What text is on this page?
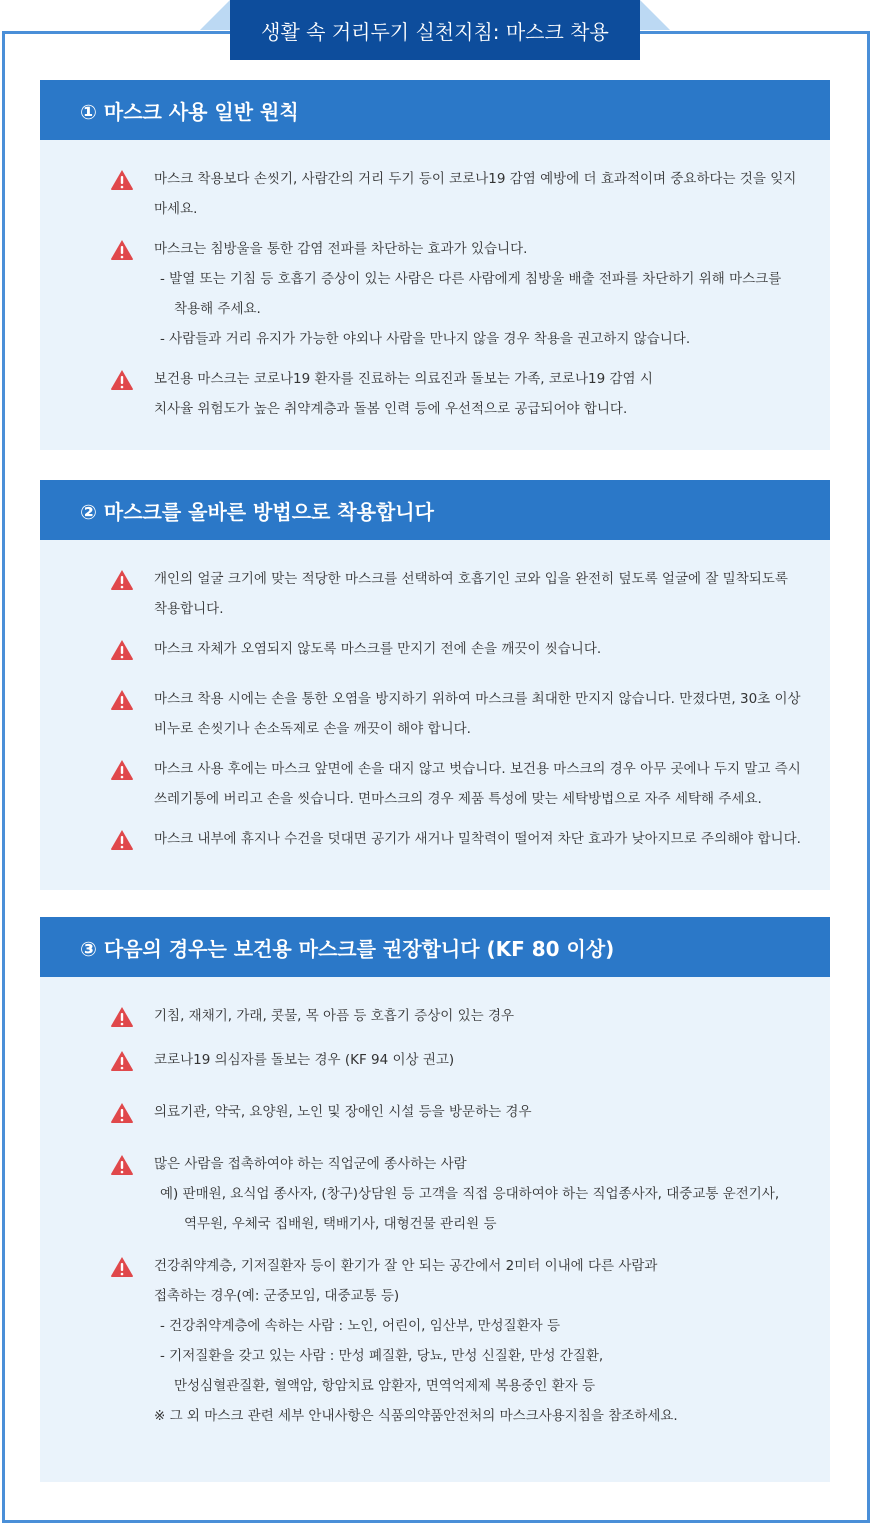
생활 속 거리두기 실천지침: 마스크 착용
① 마스크 사용 일반 원칙
마스크 착용보다 손씻기, 사람간의 거리 두기 등이 코로나19 감염 예방에 더 효과적이며 중요하다는 것을 잊지
마세요.
마스크는 침방울을 통한 감염 전파를 차단하는 효과가 있습니다.
- 발열 또는 기침 등 호흡기 증상이 있는 사람은 다른 사람에게 침방울 배출 전파를 차단하기 위해 마스크를
착용해 주세요.
- 사람들과 거리 유지가 가능한 야외나 사람을 만나지 않을 경우 착용을 권고하지 않습니다.
보건용 마스크는 코로나19 환자를 진료하는 의료진과 돌보는 가족, 코로나19 감염 시
치사율 위험도가 높은 취약계층과 돌봄 인력 등에 우선적으로 공급되어야 합니다.
② 마스크를 올바른 방법으로 착용합니다
개인의 얼굴 크기에 맞는 적당한 마스크를 선택하여 호흡기인 코와 입을 완전히 덮도록 얼굴에 잘 밀착되도록
착용합니다.
마스크 자체가 오염되지 않도록 마스크를 만지기 전에 손을 깨끗이 씻습니다.
마스크 착용 시에는 손을 통한 오염을 방지하기 위하여 마스크를 최대한 만지지 않습니다. 만졌다면, 30초 이상
비누로 손씻기나 손소독제로 손을 깨끗이 해야 합니다.
마스크 사용 후에는 마스크 앞면에 손을 대지 않고 벗습니다. 보건용 마스크의 경우 아무 곳에나 두지 말고 즉시
쓰레기통에 버리고 손을 씻습니다. 면마스크의 경우 제품 특성에 맞는 세탁방법으로 자주 세탁해 주세요.
마스크 내부에 휴지나 수건을 덧대면 공기가 새거나 밀착력이 떨어져 차단 효과가 낮아지므로 주의해야 합니다.
③ 다음의 경우는 보건용 마스크를 권장합니다 (KF 80 이상)
기침, 재채기, 가래, 콧물, 목 아픔 등 호흡기 증상이 있는 경우
코로나19 의심자를 돌보는 경우 (KF 94 이상 권고)
의료기관, 약국, 요양원, 노인 및 장애인 시설 등을 방문하는 경우
많은 사람을 접촉하여야 하는 직업군에 종사하는 사람
예) 판매원, 요식업 종사자, (창구)상담원 등 고객을 직접 응대하여야 하는 직업종사자, 대중교통 운전기사,
역무원, 우체국 집배원, 택배기사, 대형건물 관리원 등
건강취약계층, 기저질환자 등이 환기가 잘 안 되는 공간에서 2미터 이내에 다른 사람과
접촉하는 경우(예: 군중모임, 대중교통 등)
- 건강취약계층에 속하는 사람 : 노인, 어린이, 임산부, 만성질환자 등
- 기저질환을 갖고 있는 사람 : 만성 폐질환, 당뇨, 만성 신질환, 만성 간질환,
만성심혈관질환, 혈액암, 항암치료 암환자, 면역억제제 복용중인 환자 등
※ 그 외 마스크 관련 세부 안내사항은 식품의약품안전처의 마스크사용지침을 참조하세요.
